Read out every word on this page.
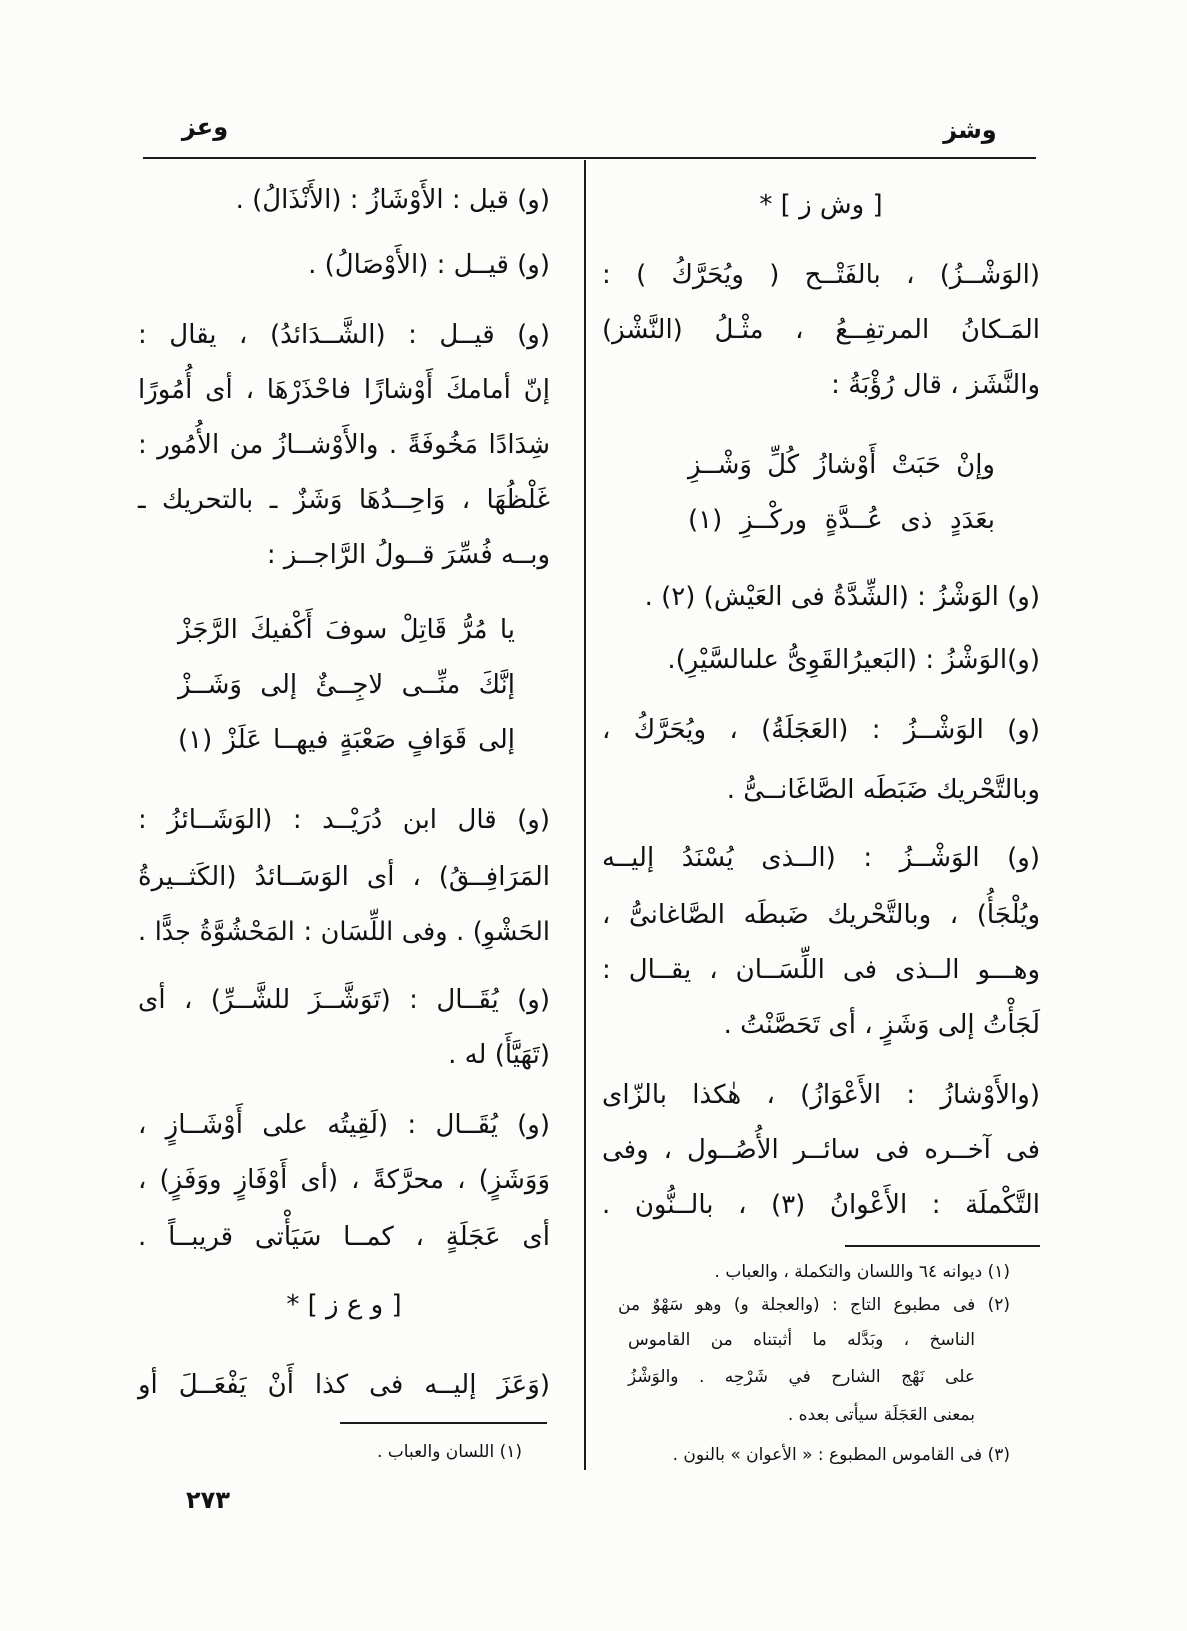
وشز
وعز
[ وش ز ] *
(الوَشْــزُ) ، بالفَتْــح ( ويُحَرَّكُ ) :
المَـكانُ المرتفِــعُ ، مثْـلُ (النَّشْز)
والنَّشَز ، قال رُؤْبَةُ :
وإنْ حَبَتْ أَوْشازُ كُلِّ وَشْــزِ
بعَدَدٍ ذى عُــدَّةٍ وركْــزِ (١)
(و) الوَشْزُ : (الشِّدَّةُ فى العَيْش) (٢) .
(و)الوَشْزُ : (البَعيرُالقَوِىُّ علىالسَّيْرِ).
(و) الوَشْــزُ : (العَجَلَةُ) ، ويُحَرَّكُ ،
وبالتَّحْريك ضَبَطَه الصَّاغَانــىُّ .
(و) الوَشْــزُ : (الــذى يُسْنَدُ إليــه
ويُلْجَأُ) ، وبالتَّحْريك ضَبطَه الصَّاغانىُّ ،
وهـــو الــذى فى اللِّسَــان ، يقــال :
لَجَأْتُ إلى وَشَزٍ ، أى تَحَصَّنْتُ .
(والأَوْشازُ : الأَعْوَازُ) ، هٰكذا بالزّاى
فى آخــره فى سائــر الأُصُــول ، وفى
التَّكْملَة : الأَعْوانُ (٣) ، بالــنُّون .
(١) ديوانه ٦٤ واللسان والتكملة ، والعباب .
(٢) فى مطبوع التاج : (والعجلة و) وهو سَهْوٌ من
الناسخ ، وبَدَّله ما أثبتناه من القاموس
على نَهْج الشارح في شَرْحِه . والوَشْزُ
بمعنى العَجَلَة سيأتى بعده .
(٣) فى القاموس المطبوع : « الأعوان » بالنون .
(و) قيل : الأَوْشَازُ : (الأَنْذَالُ) .
(و) قيــل : (الأَوْصَالُ) .
(و) قيــل : (الشَّــدَائدُ) ، يقال :
إنّ أمامكَ أَوْشازًا فاحْذَرْهَا ، أى أُمُورًا
شِدَادًا مَخُوفَةً . والأَوْشــازُ من الأُمُور :
غَلْظُهَا ، وَاحِــدُهَا وَشَزٌ ـ بالتحريك ـ
وبــه فُسِّرَ قــولُ الرَّاجــز :
يا مُرُّ قَاتِلْ سوفَ أَكْفيكَ الرَّجَزْ
إنَّكَ منِّــى لاجِــئٌ إلى وَشَــزْ
إلى قَوَافٍ صَعْبَةٍ فيهــا عَلَزْ (١)
(و) قال ابن دُرَيْــد : (الوَشَــائزُ :
المَرَافِــقُ) ، أى الوَسَــائدُ (الكَثــيرةُ
الحَشْوِ) . وفى اللِّسَان : المَحْشُوَّةُ جدًّا .
(و) يُقَــال : (تَوَشَّــزَ للشَّــرِّ) ، أى
(تَهَيَّأَ) له .
(و) يُقَــال : (لَقِيتُه على أَوْشَــازٍ ،
وَوَشَزٍ) ، محرَّكةً ، (أى أَوْفَازٍ ووَفَزٍ) ،
أى عَجَلَةٍ ، كمــا سَيَأْتى قريبــاً .
[ و ع ز ] *
(وَعَزَ إليــه فى كذا أَنْ يَفْعَــلَ أو
(١) اللسان والعباب .
٢٧٣
